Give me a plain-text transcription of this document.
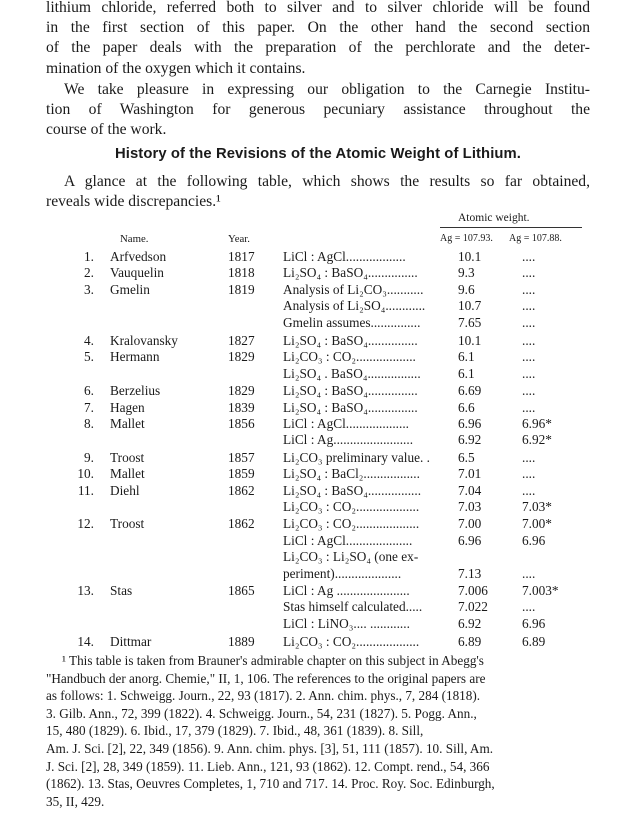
lithium chloride, referred both to silver and to silver chloride will be found
in the first section of this paper. On the other hand the second section
of the paper deals with the preparation of the perchlorate and the deter-
mination of the oxygen which it contains.
We take pleasure in expressing our obligation to the Carnegie Institu-
tion of Washington for generous pecuniary assistance throughout the
course of the work.
History of the Revisions of the Atomic Weight of Lithium.
A glance at the following table, which shows the results so far obtained,
reveals wide discrepancies.¹
Atomic weight.
Name.	Year.	Ag = 107.93. Ag = 107.88.
1. Arfvedson	1817 LiCl : AgCl..................	10.1	....
2. Vauquelin	1818 Li₂SO₄ : BaSO₄...............	9.3	....
3. Gmelin	1819 Analysis of Li₂CO₃...........	9.6	....
Analysis of Li₂SO₄............	10.7	....
Gmelin assumes...............	7.65	....
4. Kralovansky	1827 Li₂SO₄ : BaSO₄...............	10.1	....
5. Hermann	1829 Li₂CO₃ : CO₂..................	6.1	....
Li₂SO₄ . BaSO₄................	6.1	....
6. Berzelius	1829 Li₂SO₄ : BaSO₄...............	6.69	....
7. Hagen	1839 Li₂SO₄ : BaSO₄...............	6.6	....
8. Mallet	1856 LiCl : AgCl...................	6.96	6.96*
LiCl : Ag........................	6.92	6.92*
9. Troost	1857 Li₂CO₃ preliminary value. .	6.5	....
10. Mallet	1859 Li₂SO₄ : BaCl₂.................	7.01	....
11. Diehl	1862 Li₂SO₄ : BaSO₄................	7.04	....
Li₂CO₃ : CO₂...................	7.03	7.03*
12. Troost	1862 Li₂CO₃ : CO₂...................	7.00	7.00*
LiCl : AgCl....................	6.96	6.96
Li₂CO₃ : Li₂SO₄ (one ex-
periment)....................	7.13	....
13. Stas	1865 LiCl : Ag ......................	7.006	7.003*
Stas himself calculated.....	7.022	....
LiCl : LiNO₃.... ............	6.92	6.96
14. Dittmar	1889 Li₂CO₃ : CO₂...................	6.89	6.89
¹ This table is taken from Brauner's admirable chapter on this subject in Abegg's
"Handbuch der anorg. Chemie," II, 1, 106. The references to the original papers are
as follows: 1. Schweigg. Journ., 22, 93 (1817). 2. Ann. chim. phys., 7, 284 (1818).
3. Gilb. Ann., 72, 399 (1822). 4. Schweigg. Journ., 54, 231 (1827). 5. Pogg. Ann.,
15, 480 (1829). 6. Ibid., 17, 379 (1829). 7. Ibid., 48, 361 (1839). 8. Sill,
Am. J. Sci. [2], 22, 349 (1856). 9. Ann. chim. phys. [3], 51, 111 (1857). 10. Sill, Am.
J. Sci. [2], 28, 349 (1859). 11. Lieb. Ann., 121, 93 (1862). 12. Compt. rend., 54, 366
(1862). 13. Stas, Oeuvres Completes, 1, 710 and 717. 14. Proc. Roy. Soc. Edinburgh,
35, II, 429.
